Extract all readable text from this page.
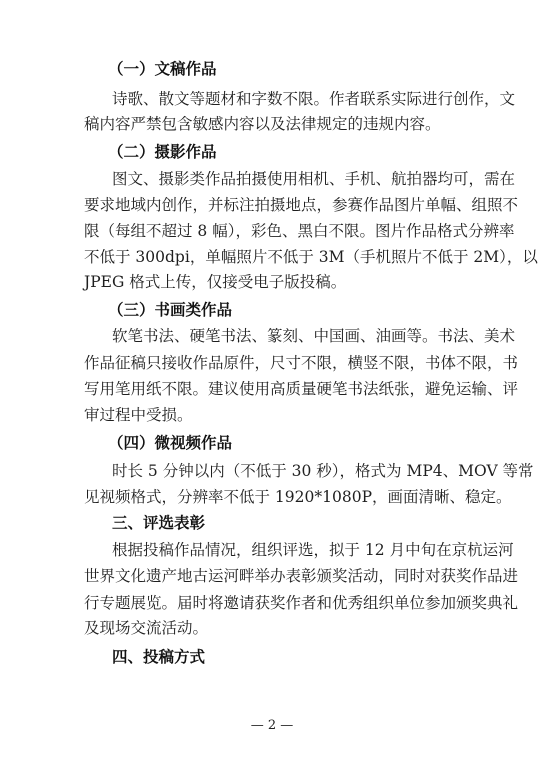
（一）文稿作品
诗歌、散文等题材和字数不限。作者联系实际进行创作，文
稿内容严禁包含敏感内容以及法律规定的违规内容。
（二）摄影作品
图文、摄影类作品拍摄使用相机、手机、航拍器均可，需在
要求地域内创作，并标注拍摄地点，参赛作品图片单幅、组照不
限（每组不超过 8 幅），彩色、黑白不限。图片作品格式分辨率
不低于 300dpi，单幅照片不低于 3M（手机照片不低于 2M），以
JPEG 格式上传，仅接受电子版投稿。
（三）书画类作品
软笔书法、硬笔书法、篆刻、中国画、油画等。书法、美术
作品征稿只接收作品原件，尺寸不限，横竖不限，书体不限，书
写用笔用纸不限。建议使用高质量硬笔书法纸张，避免运输、评
审过程中受损。
（四）微视频作品
时长 5 分钟以内（不低于 30 秒），格式为 MP4、MOV 等常
见视频格式，分辨率不低于 1920*1080P，画面清晰、稳定。
三、评选表彰
根据投稿作品情况，组织评选，拟于 12 月中旬在京杭运河
世界文化遗产地古运河畔举办表彰颁奖活动，同时对获奖作品进
行专题展览。届时将邀请获奖作者和优秀组织单位参加颁奖典礼
及现场交流活动。
四、投稿方式
— 2 —
